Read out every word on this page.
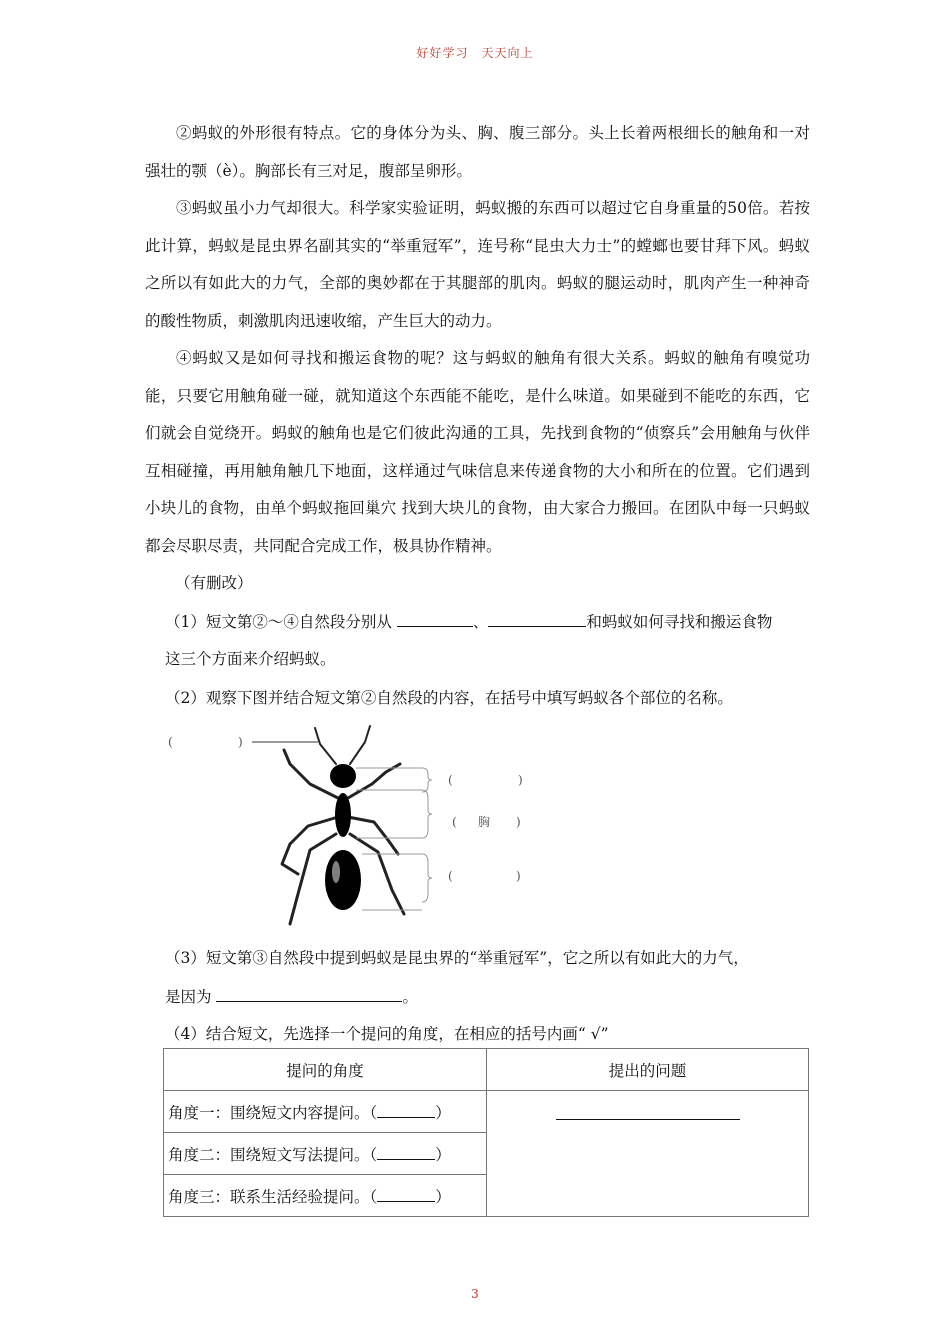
好好学习　天天向上

②蚂蚁的外形很有特点。它的身体分为头、胸、腹三部分。头上长着两根细长的触角和一对强壮的颚（è）。胸部长有三对足，腹部呈卵形。

③蚂蚁虽小力气却很大。科学家实验证明，蚂蚁搬的东西可以超过它自身重量的50倍。若按此计算，蚂蚁是昆虫界名副其实的“举重冠军”，连号称“昆虫大力士”的螳螂也要甘拜下风。蚂蚁之所以有如此大的力气，全部的奥妙都在于其腿部的肌肉。蚂蚁的腿运动时，肌肉产生一种神奇的酸性物质，刺激肌肉迅速收缩，产生巨大的动力。

④蚂蚁又是如何寻找和搬运食物的呢？这与蚂蚁的触角有很大关系。蚂蚁的触角有嗅觉功能，只要它用触角碰一碰，就知道这个东西能不能吃，是什么味道。如果碰到不能吃的东西，它们就会自觉绕开。蚂蚁的触角也是它们彼此沟通的工具，先找到食物的“侦察兵”会用触角与伙伴互相碰撞，再用触角触几下地面，这样通过气味信息来传递食物的大小和所在的位置。它们遇到小块儿的食物，由单个蚂蚁拖回巢穴 找到大块儿的食物，由大家合力搬回。在团队中每一只蚂蚁都会尽职尽责，共同配合完成工作，极具协作精神。

（有删改）
（1）短文第②～④自然段分别从	、	和蚂蚁如何寻找和搬运食物
这三个方面来介绍蚂蚁。
（2）观察下图并结合短文第②自然段的内容，在括号中填写蚂蚁各个部位的名称。
(	)
(	)
( 胸 )
(	)
（3）短文第③自然段中提到蚂蚁是昆虫界的“举重冠军”，它之所以有如此大的力气，
是因为	。
（4）结合短文，先选择一个提问的角度，在相应的括号内画“ √”
提问的角度	提出的问题
角度一：围绕短文内容提问。（ ）	

角度二：围绕短文写法提问。（ ）	
角度三：联系生活经验提问。（ ）	
3
